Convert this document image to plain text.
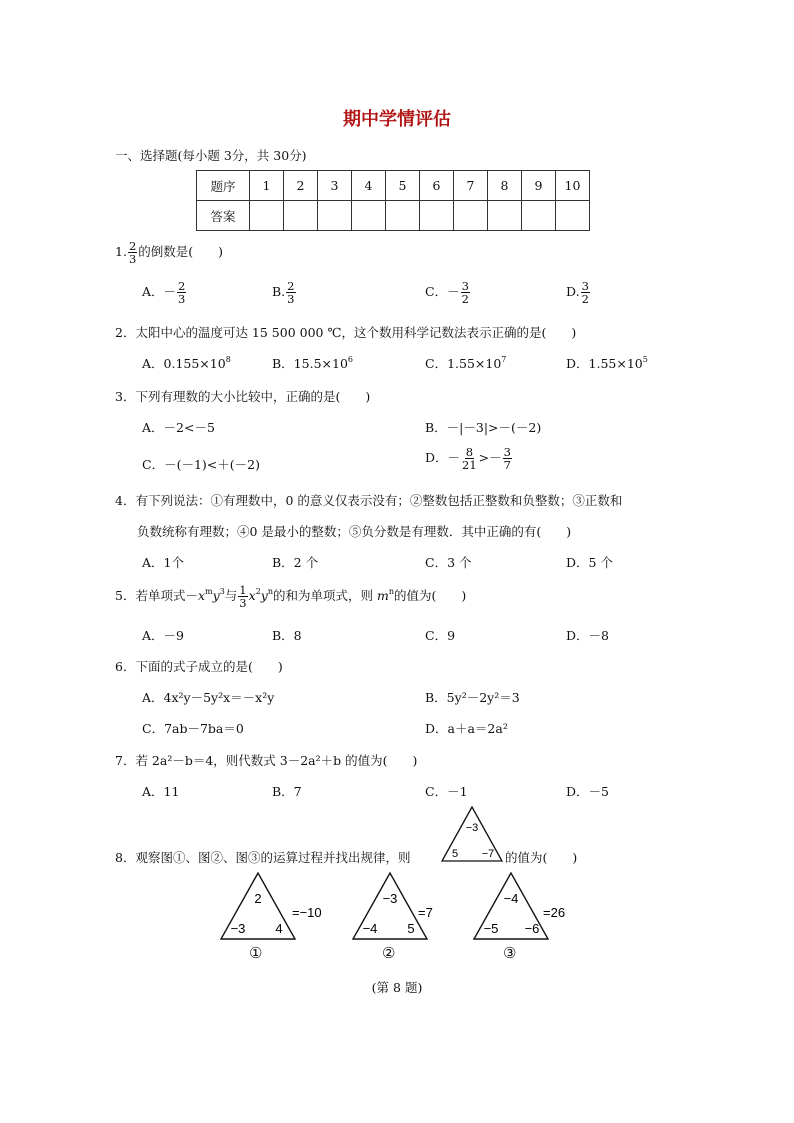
期中学情评估
一、选择题(每小题 3分，共 30分)
题序	1	2	3	4	5	6	7	8	9	10
答案										
1. $\frac{2}{3}$ 的倒数是(　　)
A．－ $\frac{2}{3}$	B. $\frac{2}{3}$	C．－ $\frac{3}{2}$	D. $\frac{3}{2}$
2．太阳中心的温度可达 15 500 000 ℃，这个数用科学记数法表示正确的是(　　)
A．$0.155\times 10^8$	B．$15.5\times 10^6$	C．$1.55\times 10^7$	D．$1.55\times 10^5$
3．下列有理数的大小比较中，正确的是(　　)
A．－2<－5	B．－|－3|>－(－2)
C．－(－1)<＋(－2)	D．－ $\frac{8}{21} >- \frac{3}{7}$
4．有下列说法：①有理数中，0 的意义仅表示没有；②整数包括正整数和负整数；③正数和
负数统称有理数；④0 是最小的整数；⑤负分数是有理数．其中正确的有(　　)
A．1个	B．2 个	C．3 个	D．5 个
5．若单项式$-x^my^3$与 $\frac{1}{3} x^2y^n$的和为单项式，则 $m^n$的值为(　　)
A．－9	B．8	C．9	D．－8
6．下面的式子成立的是(　　)
A．4x²y－5y²x＝－x²y	B．5y²－2y²＝3
C．7ab－7ba＝0	D．a＋a＝2a²
7．若 2a²－b＝4，则代数式 3－2a²＋b 的值为(　　)
A．11	B．7	C．－1	D．－5
8．观察图①、图②、图③的运算过程并找出规律，则
−3
5 −7 的值为(　　)
2
−3 4
=−10
−3
−4 5
=7
−4
−5 −6
=26
①	②	③
(第 8 题)
